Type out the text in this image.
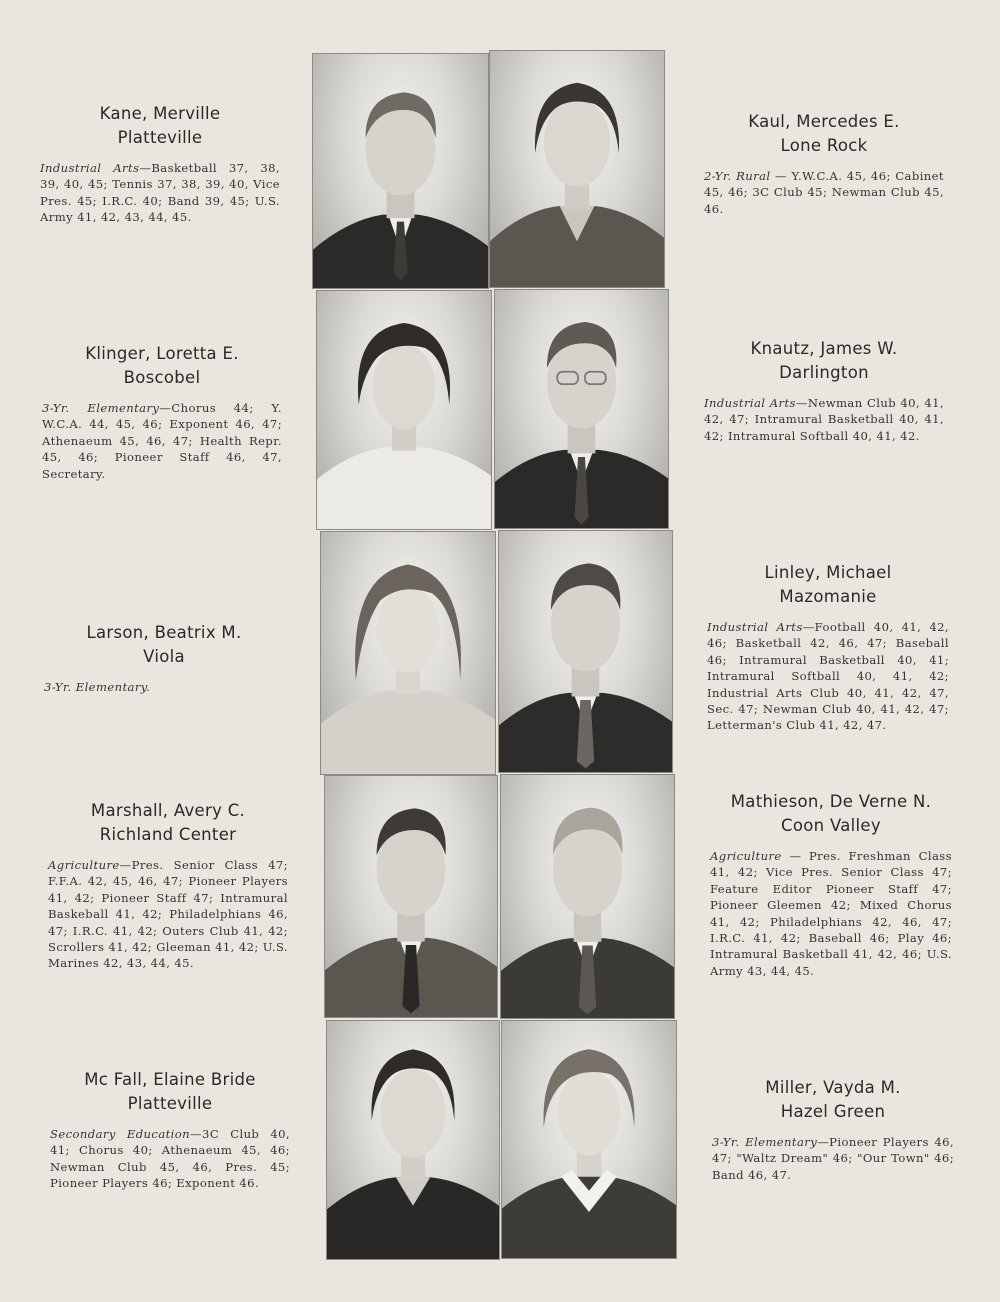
Kane, Merville
Platteville
Industrial Arts—Basketball 37, 38, 39, 40, 45; Tennis 37, 38, 39, 40, Vice Pres. 45; I.R.C. 40; Band 39, 45; U.S. Army 41, 42, 43, 44, 45.
Kaul, Mercedes E.
Lone Rock
2-Yr. Rural — Y.W.C.A. 45, 46; Cabinet 45, 46; 3C Club 45; Newman Club 45, 46.
Klinger, Loretta E.
Boscobel
3-Yr. Elementary—Chorus 44; Y. W.C.A. 44, 45, 46; Exponent 46, 47; Athenaeum 45, 46, 47; Health Repr. 45, 46; Pioneer Staff 46, 47, Secretary.
Knautz, James W.
Darlington
Industrial Arts—Newman Club 40, 41, 42, 47; Intramural Basketball 40, 41, 42; Intramural Softball 40, 41, 42.
Larson, Beatrix M.
Viola
3-Yr. Elementary.
Linley, Michael
Mazomanie
Industrial Arts—Football 40, 41, 42, 46; Basketball 42, 46, 47; Baseball 46; Intramural Basketball 40, 41; Intramural Softball 40, 41, 42; Industrial Arts Club 40, 41, 42, 47, Sec. 47; Newman Club 40, 41, 42, 47; Letterman's Club 41, 42, 47.
Marshall, Avery C.
Richland Center
Agriculture—Pres. Senior Class 47; F.F.A. 42, 45, 46, 47; Pioneer Players 41, 42; Pioneer Staff 47; Intramural Baskeball 41, 42; Philadelphians 46, 47; I.R.C. 41, 42; Outers Club 41, 42; Scrollers 41, 42; Gleeman 41, 42; U.S. Marines 42, 43, 44, 45.
Mathieson, De Verne N.
Coon Valley
Agriculture — Pres. Freshman Class 41, 42; Vice Pres. Senior Class 47; Feature Editor Pioneer Staff 47; Pioneer Gleemen 42; Mixed Chorus 41, 42; Philadelphians 42, 46, 47; I.R.C. 41, 42; Baseball 46; Play 46; Intramural Basketball 41, 42, 46; U.S. Army 43, 44, 45.
Mc Fall, Elaine Bride
Platteville
Secondary Education—3C Club 40, 41; Chorus 40; Athenaeum 45, 46; Newman Club 45, 46, Pres. 45; Pioneer Players 46; Exponent 46.
Miller, Vayda M.
Hazel Green
3-Yr. Elementary—Pioneer Players 46, 47; "Waltz Dream" 46; "Our Town" 46; Band 46, 47.
